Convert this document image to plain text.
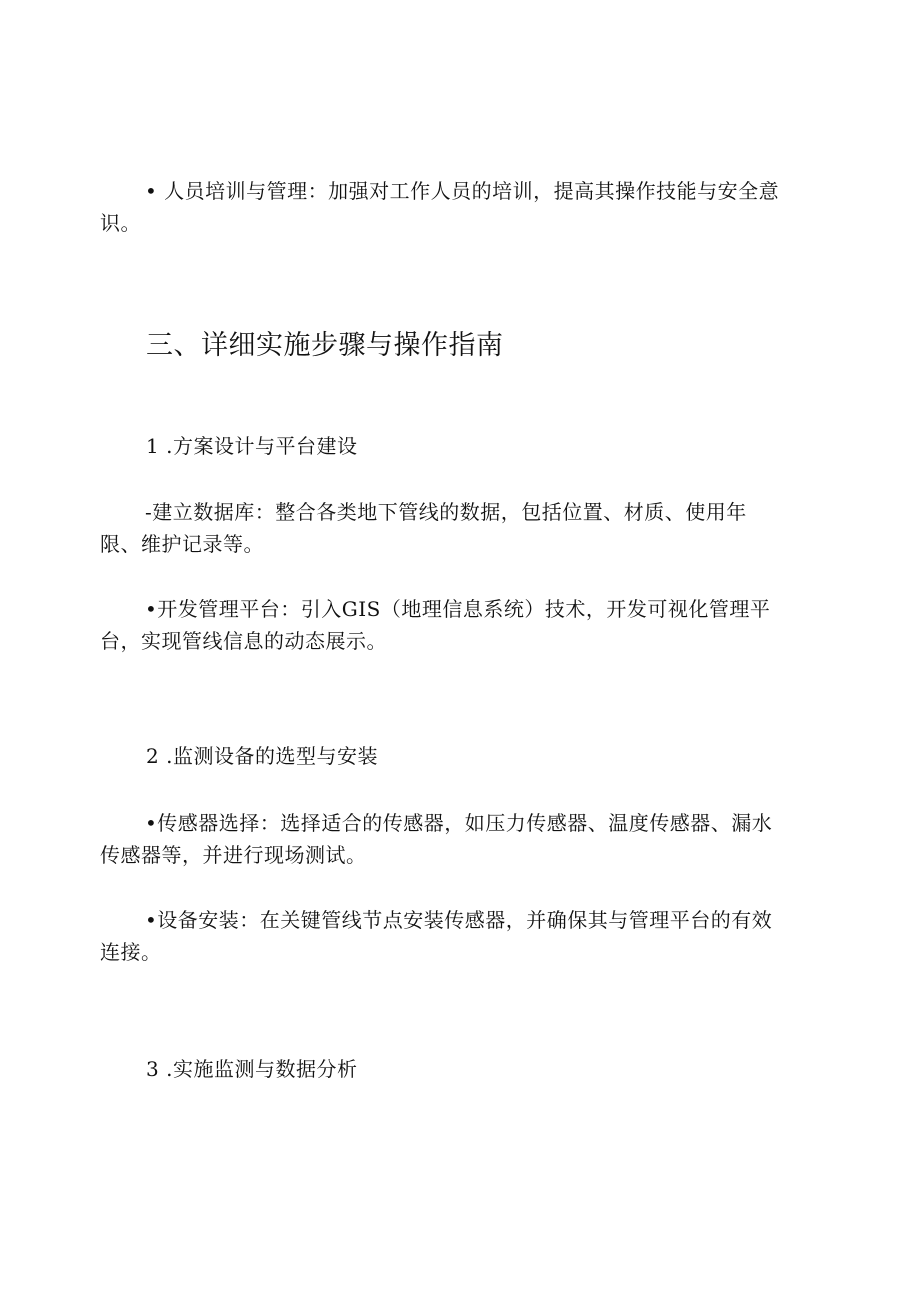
• 人员培训与管理：加强对工作人员的培训，提高其操作技能与安全意
识。

三、详细实施步骤与操作指南

1 .方案设计与平台建设

-建立数据库：整合各类地下管线的数据，包括位置、材质、使用年
限、维护记录等。

•开发管理平台：引入GIS（地理信息系统）技术，开发可视化管理平
台，实现管线信息的动态展示。

2 .监测设备的选型与安装

•传感器选择：选择适合的传感器，如压力传感器、温度传感器、漏水
传感器等，并进行现场测试。

•设备安装：在关键管线节点安装传感器，并确保其与管理平台的有效
连接。

3 .实施监测与数据分析
